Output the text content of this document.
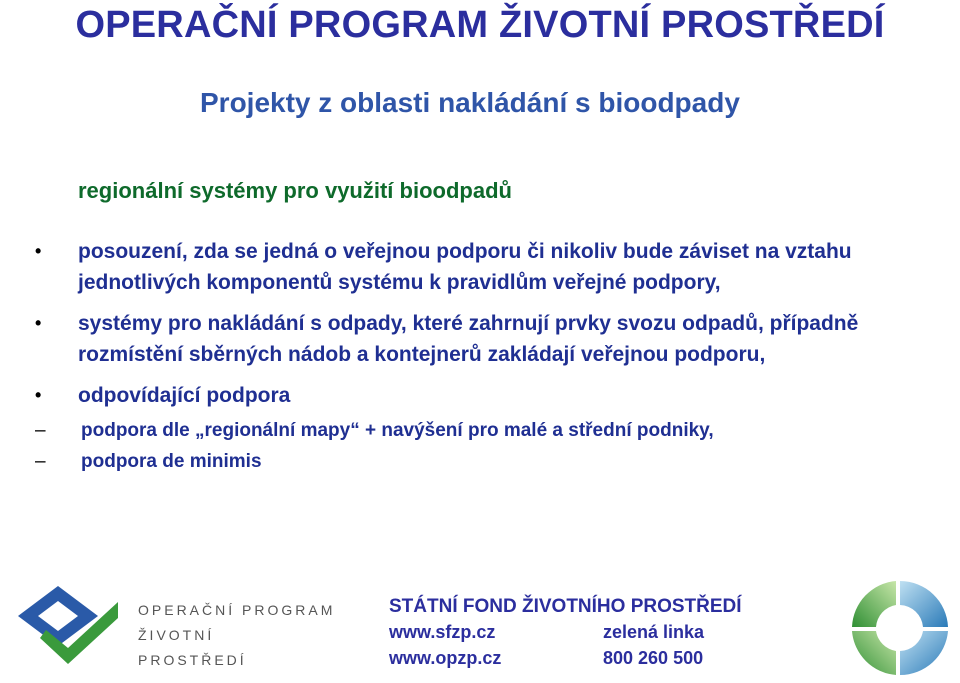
OPERAČNÍ PROGRAM ŽIVOTNÍ PROSTŘEDÍ
Projekty z oblasti nakládání s bioodpady
regionální systémy pro využití bioodpadů
• posouzení, zda se jedná o veřejnou podporu či nikoliv bude záviset na vztahu jednotlivých komponentů systému k pravidlům veřejné podpory,
• systémy pro nakládání s odpady, které zahrnují prvky svozu odpadů, případně rozmístění sběrných nádob a kontejnerů zakládají veřejnou podporu,
• odpovídající podpora
– podpora dle „regionální mapy“ + navýšení pro malé a střední podniky,
– podpora de minimis
OPERAČNÍ PROGRAM
ŽIVOTNÍ
PROSTŘEDÍ
STÁTNÍ FOND ŽIVOTNÍHO PROSTŘEDÍ
www.sfzp.cz
www.opzp.cz
zelená linka
800 260 500
